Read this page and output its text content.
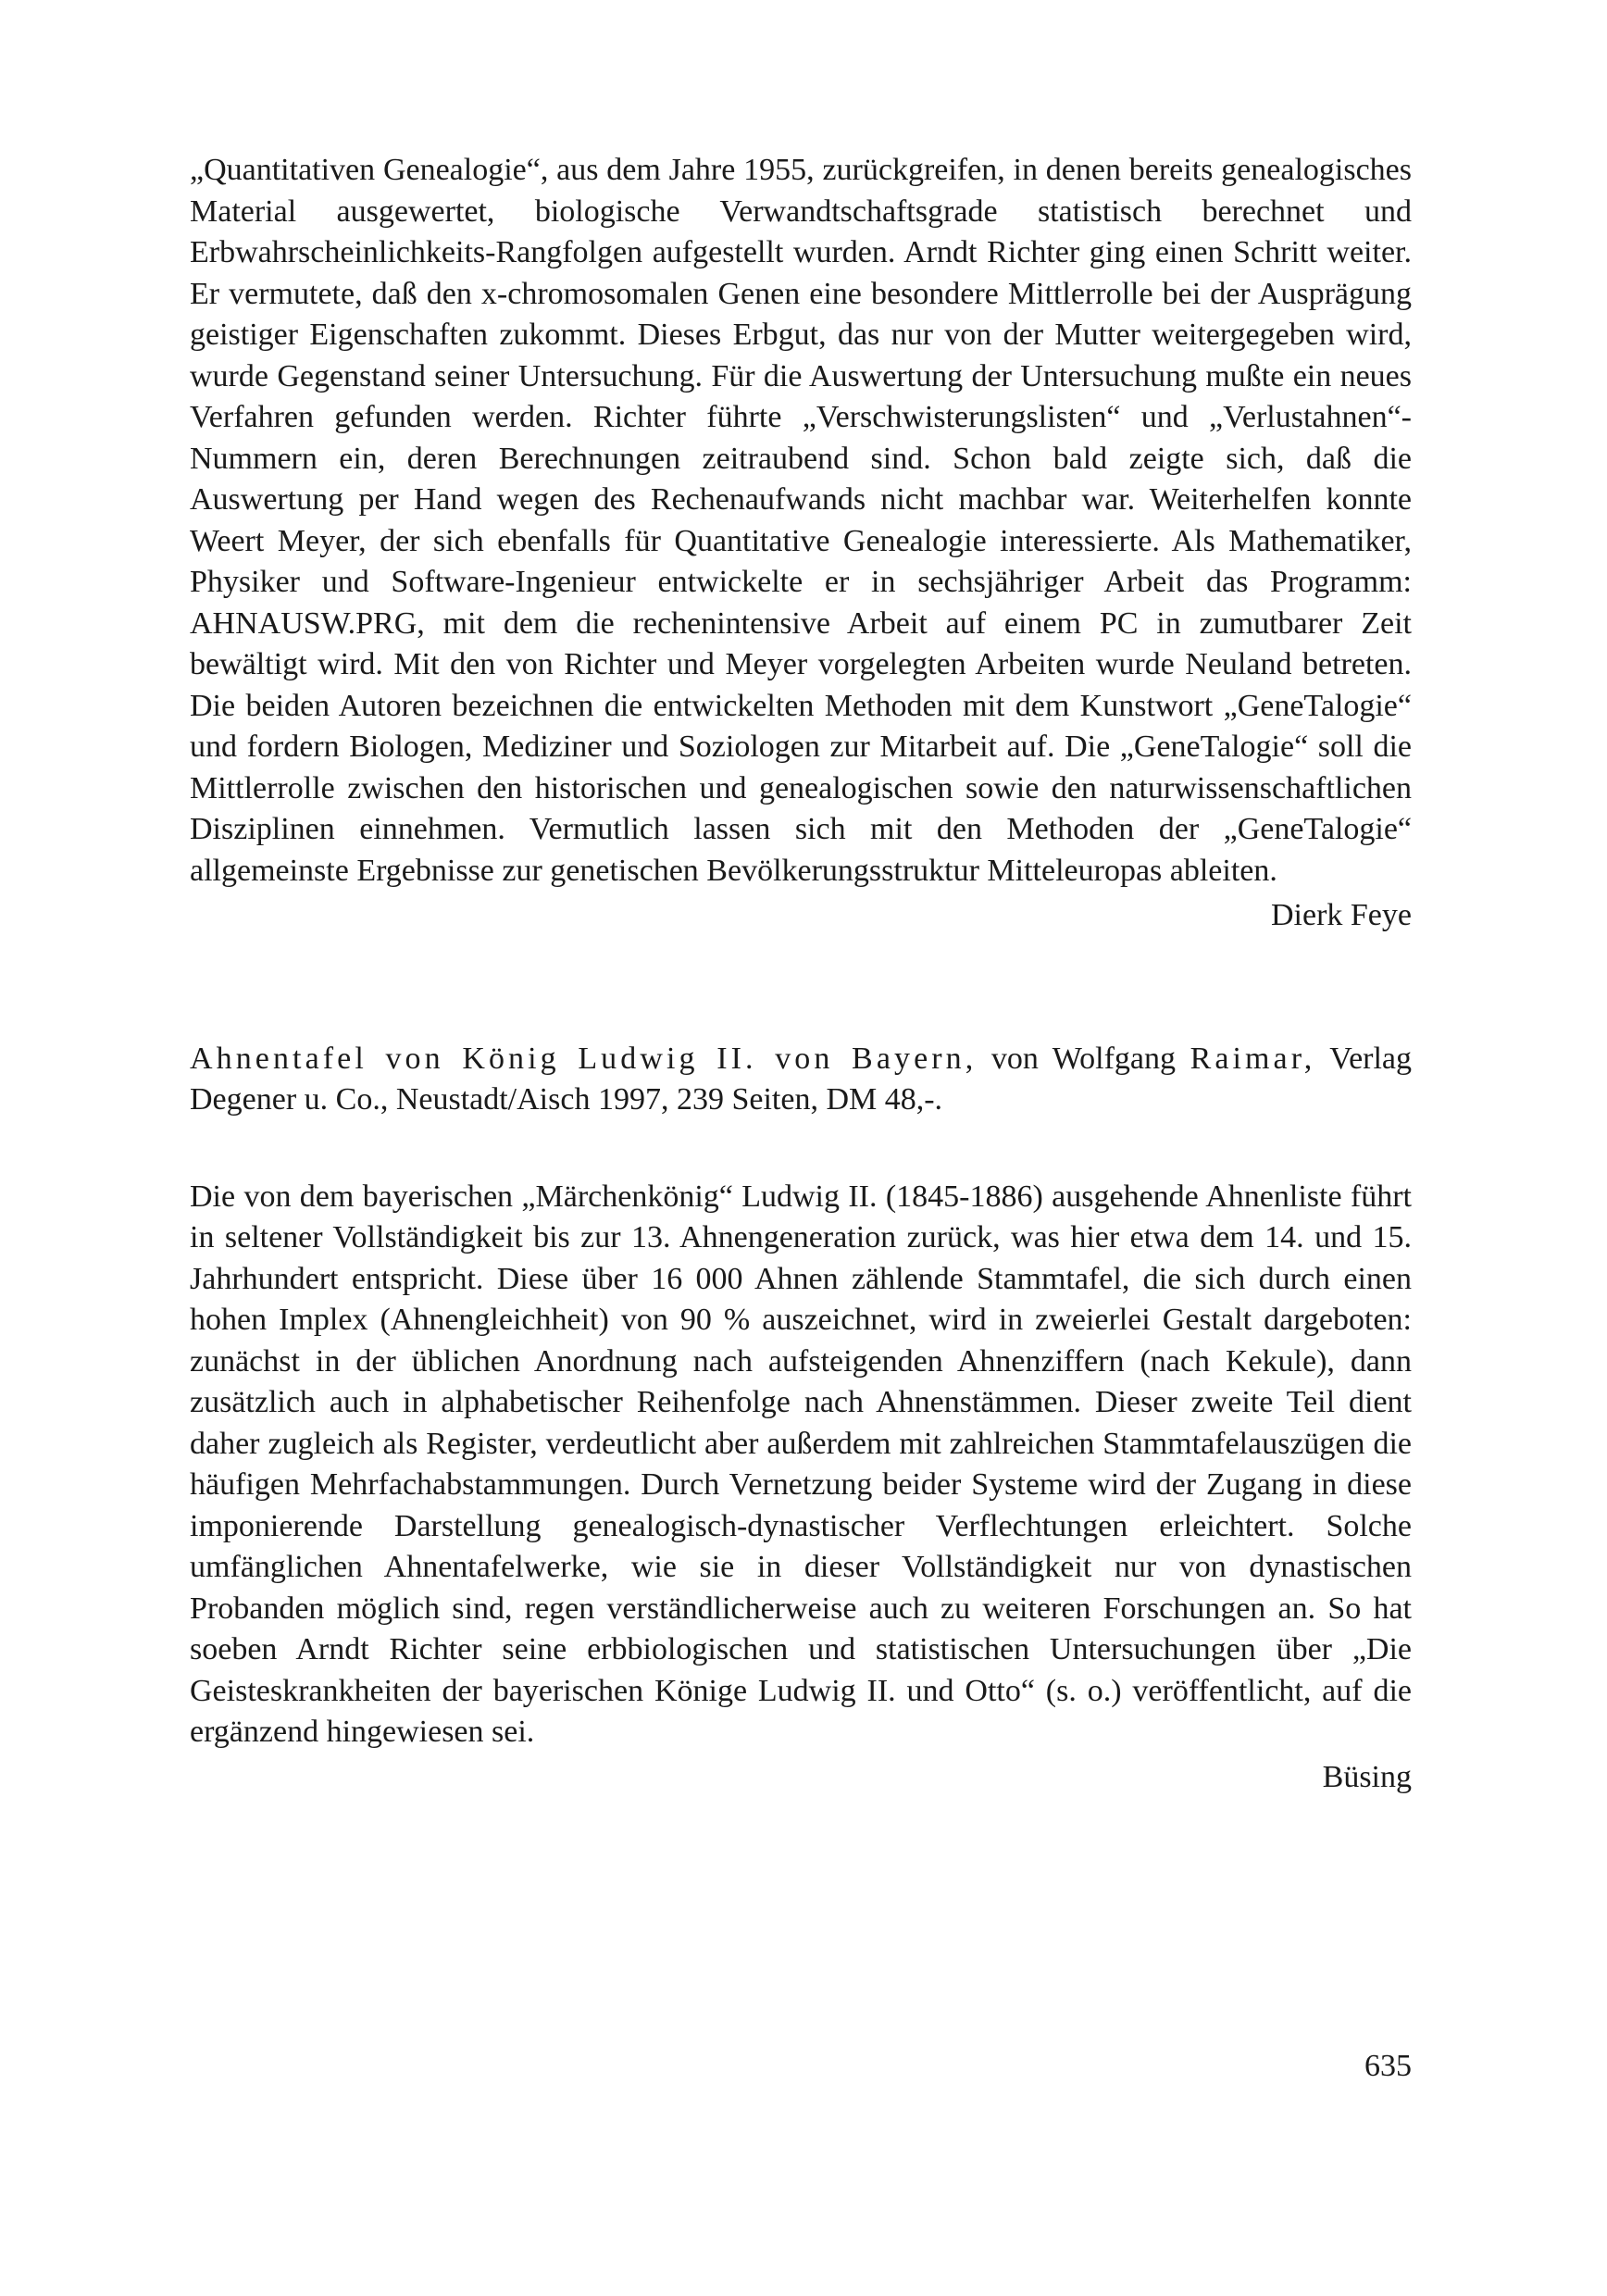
„Quantitativen Genealogie“, aus dem Jahre 1955, zurückgreifen, in denen bereits genealogisches Material ausgewertet, biologische Verwandtschaftsgrade statistisch berechnet und Erbwahrscheinlichkeits-Rangfolgen aufgestellt wurden. Arndt Richter ging einen Schritt weiter. Er vermutete, daß den x-chromosomalen Genen eine besondere Mittlerrolle bei der Ausprägung geistiger Eigenschaften zukommt. Dieses Erbgut, das nur von der Mutter weitergegeben wird, wurde Gegenstand seiner Untersuchung. Für die Auswertung der Untersuchung mußte ein neues Verfahren gefunden werden. Richter führte „Verschwisterungslisten“ und „Verlustahnen“-Nummern ein, deren Berechnungen zeitraubend sind. Schon bald zeigte sich, daß die Auswertung per Hand wegen des Rechenaufwands nicht machbar war. Weiterhelfen konnte Weert Meyer, der sich ebenfalls für Quantitative Genealogie interessierte. Als Mathematiker, Physiker und Software-Ingenieur entwickelte er in sechsjähriger Arbeit das Programm: AHNAUSW.PRG, mit dem die rechenintensive Arbeit auf einem PC in zumutbarer Zeit bewältigt wird. Mit den von Richter und Meyer vorgelegten Arbeiten wurde Neuland betreten. Die beiden Autoren bezeichnen die entwickelten Methoden mit dem Kunstwort „GeneTalogie“ und fordern Biologen, Mediziner und Soziologen zur Mitarbeit auf. Die „GeneTalogie“ soll die Mittlerrolle zwischen den historischen und genealogischen sowie den naturwissenschaftlichen Disziplinen einnehmen. Vermutlich lassen sich mit den Methoden der „GeneTalogie“ allgemeinste Ergebnisse zur genetischen Bevölkerungsstruktur Mitteleuropas ableiten.

Dierk Feye

Ahnentafel von König Ludwig II. von Bayern, von Wolfgang Raimar, Verlag Degener u. Co., Neustadt/Aisch 1997, 239 Seiten, DM 48,-.

Die von dem bayerischen „Märchenkönig“ Ludwig II. (1845-1886) ausgehende Ahnenliste führt in seltener Vollständigkeit bis zur 13. Ahnengeneration zurück, was hier etwa dem 14. und 15. Jahrhundert entspricht. Diese über 16 000 Ahnen zählende Stammtafel, die sich durch einen hohen Implex (Ahnengleichheit) von 90 % auszeichnet, wird in zweierlei Gestalt dargeboten: zunächst in der üblichen Anordnung nach aufsteigenden Ahnenziffern (nach Kekule), dann zusätzlich auch in alphabetischer Reihenfolge nach Ahnenstämmen. Dieser zweite Teil dient daher zugleich als Register, verdeutlicht aber außerdem mit zahlreichen Stammtafelauszügen die häufigen Mehrfachabstammungen. Durch Vernetzung beider Systeme wird der Zugang in diese imponierende Darstellung genealogisch-dynastischer Verflechtungen erleichtert. Solche umfänglichen Ahnentafelwerke, wie sie in dieser Vollständigkeit nur von dynastischen Probanden möglich sind, regen verständlicherweise auch zu weiteren Forschungen an. So hat soeben Arndt Richter seine erbbiologischen und statistischen Untersuchungen über „Die Geisteskrankheiten der bayerischen Könige Ludwig II. und Otto“ (s. o.) veröffentlicht, auf die ergänzend hingewiesen sei.

Büsing

635
